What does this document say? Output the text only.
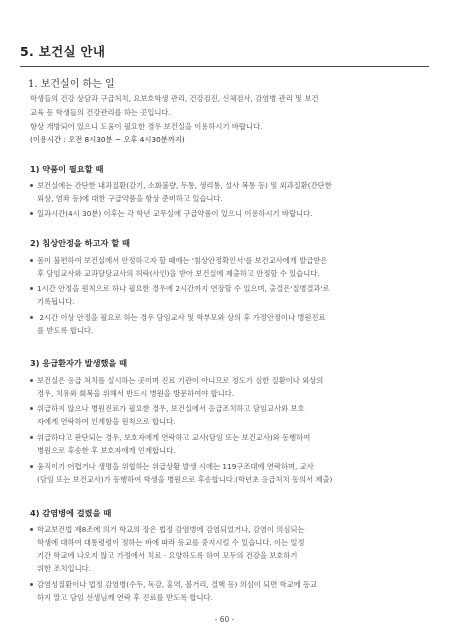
5. 보건실 안내
1. 보건실이 하는 일
학생들의 건강 상담과 구급처치, 요보호학생 관리, 건강검진, 신체검사, 감염병 관리 및 보건
교육 등 학생들의 건강관리를 하는 곳입니다.
항상 개방되어 있으니 도움이 필요한 경우 보건실을 이용하시기 바랍니다.
(이용시간 : 오전 8시30분 ~ 오후 4시30분까지)
1) 약품이 필요할 때
보건실에는 간단한 내과질환(감기, 소화불량, 두통, 생리통, 설사 복통 등) 및 외과질환(간단한
외상, 염좌 등)에 대한 구급약품을 항상 준비하고 있습니다.
일과시간(4시 30분) 이후는 각 학년 교무실에 구급약품이 있으니 이용하시기 바랍니다.
2) 침상안정을 하고자 할 때
몸이 불편하여 보건실에서 안정하고자 할 때에는 '침상안정확인서'를 보건교사에게 발급받은
후 담임교사와 교과담당교사의 허락(사인)을 받아 보건실에 제출하고 안정할 수 있습니다.
1시간 안정을 원칙으로 하나 필요한 경우에 2시간까지 연장할 수 있으며, 출결은'질병결과'로
기록됩니다.
2시간 이상 안정을 필요로 하는 경우 담임교사 및 학부모와 상의 후 가정안정이나 병원진료
를 받도록 합니다.
3) 응급환자가 발생했을 때
보건실은 응급 처치를 실시하는 곳이며 진료 기관이 아니므로 정도가 심한 질환이나 외상의
경우, 치유와 회복을 위해서 반드시 병원을 방문하여야 합니다.
위급하지 않으나 병원진료가 필요한 경우, 보건실에서 응급조치하고 담임교사와 보호
자에게 연락하여 인계함을 원칙으로 합니다.
위급하다고 판단되는 경우, 보호자에게 연락하고 교사(담임 또는 보건교사)와 동행하여
병원으로 후송한 후 보호자에게 인계합니다.
움직이기 어렵거나 생명을 위협하는 위급상황 발생 시에는 119구조대에 연락하며, 교사
(담임 또는 보건교사)가 동행하여 학생을 병원으로 후송합니다.(학년초 응급처치 동의서 제출)
4) 감염병에 걸렸을 때
학교보건법 제8조에 의거 학교의 장은 법정 감염병에 감염되었거나, 감염이 의심되는
학생에 대하여 대통령령이 정하는 바에 따라 등교를 중지시킬 수 있습니다. 이는 일정
기간 학교에 나오지 않고 가정에서 치료 · 요양하도록 하여 모두의 건강을 보호하기
위한 조치입니다.
감염성질환이나 법정 감염병(수두, 독감, 홍역, 볼거리, 결핵 등) 의심이 되면 학교에 등교
하지 말고 담임 선생님께 연락 후 진료를 받도록 합니다.
- 60 -
